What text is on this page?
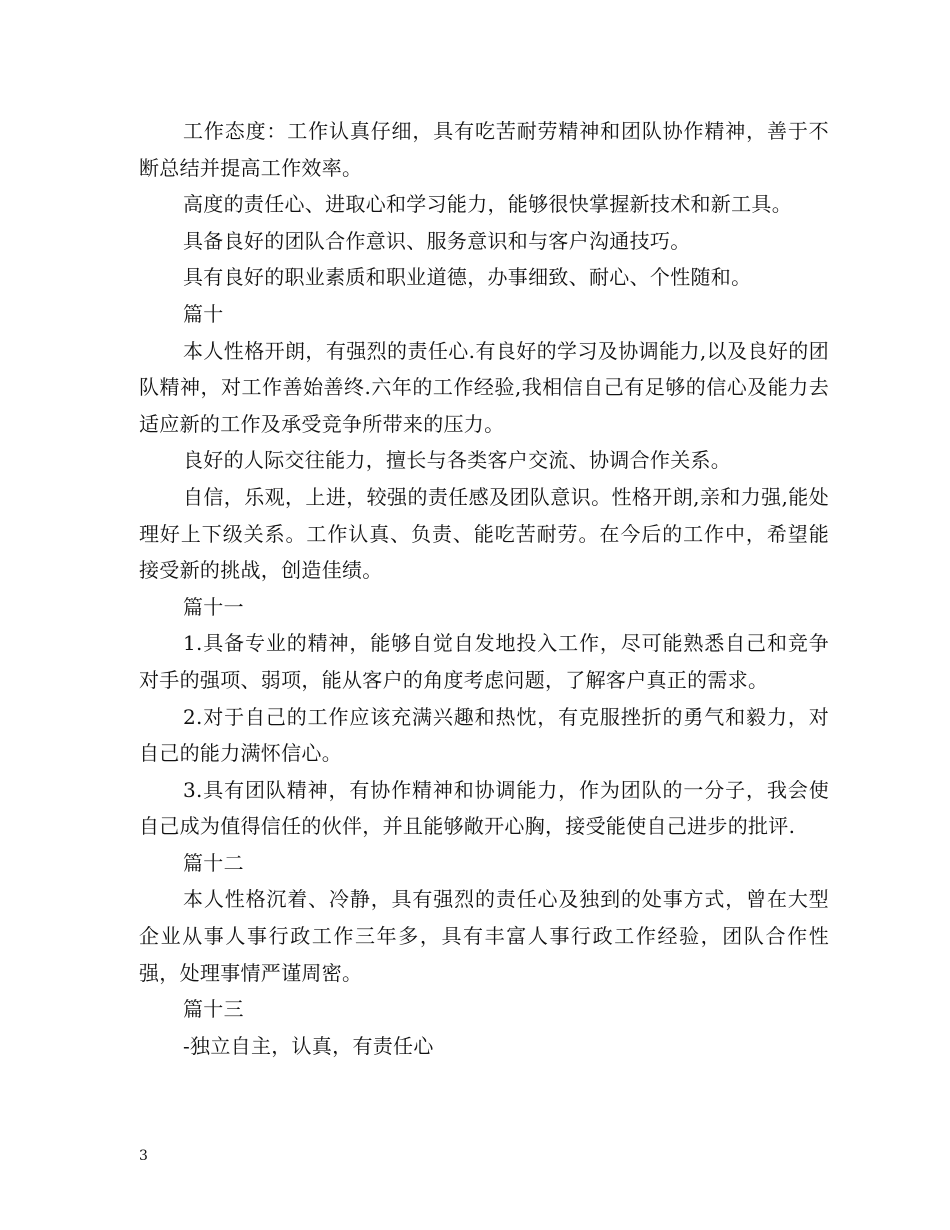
工作态度：工作认真仔细，具有吃苦耐劳精神和团队协作精神，善于不断总结并提高工作效率。

高度的责任心、进取心和学习能力，能够很快掌握新技术和新工具。

具备良好的团队合作意识、服务意识和与客户沟通技巧。

具有良好的职业素质和职业道德，办事细致、耐心、个性随和。

篇十

本人性格开朗，有强烈的责任心.有良好的学习及协调能力,以及良好的团队精神，对工作善始善终.六年的工作经验,我相信自己有足够的信心及能力去适应新的工作及承受竞争所带来的压力。

良好的人际交往能力，擅长与各类客户交流、协调合作关系。

自信，乐观，上进，较强的责任感及团队意识。性格开朗,亲和力强,能处理好上下级关系。工作认真、负责、能吃苦耐劳。在今后的工作中，希望能接受新的挑战，创造佳绩。

篇十一

1.具备专业的精神，能够自觉自发地投入工作，尽可能熟悉自己和竞争对手的强项、弱项，能从客户的角度考虑问题，了解客户真正的需求。

2.对于自己的工作应该充满兴趣和热忱，有克服挫折的勇气和毅力，对自己的能力满怀信心。

3.具有团队精神，有协作精神和协调能力，作为团队的一分子，我会使自己成为值得信任的伙伴，并且能够敞开心胸，接受能使自己进步的批评.

篇十二

本人性格沉着、冷静，具有强烈的责任心及独到的处事方式，曾在大型企业从事人事行政工作三年多，具有丰富人事行政工作经验，团队合作性强，处理事情严谨周密。

篇十三

-独立自主，认真，有责任心

3
